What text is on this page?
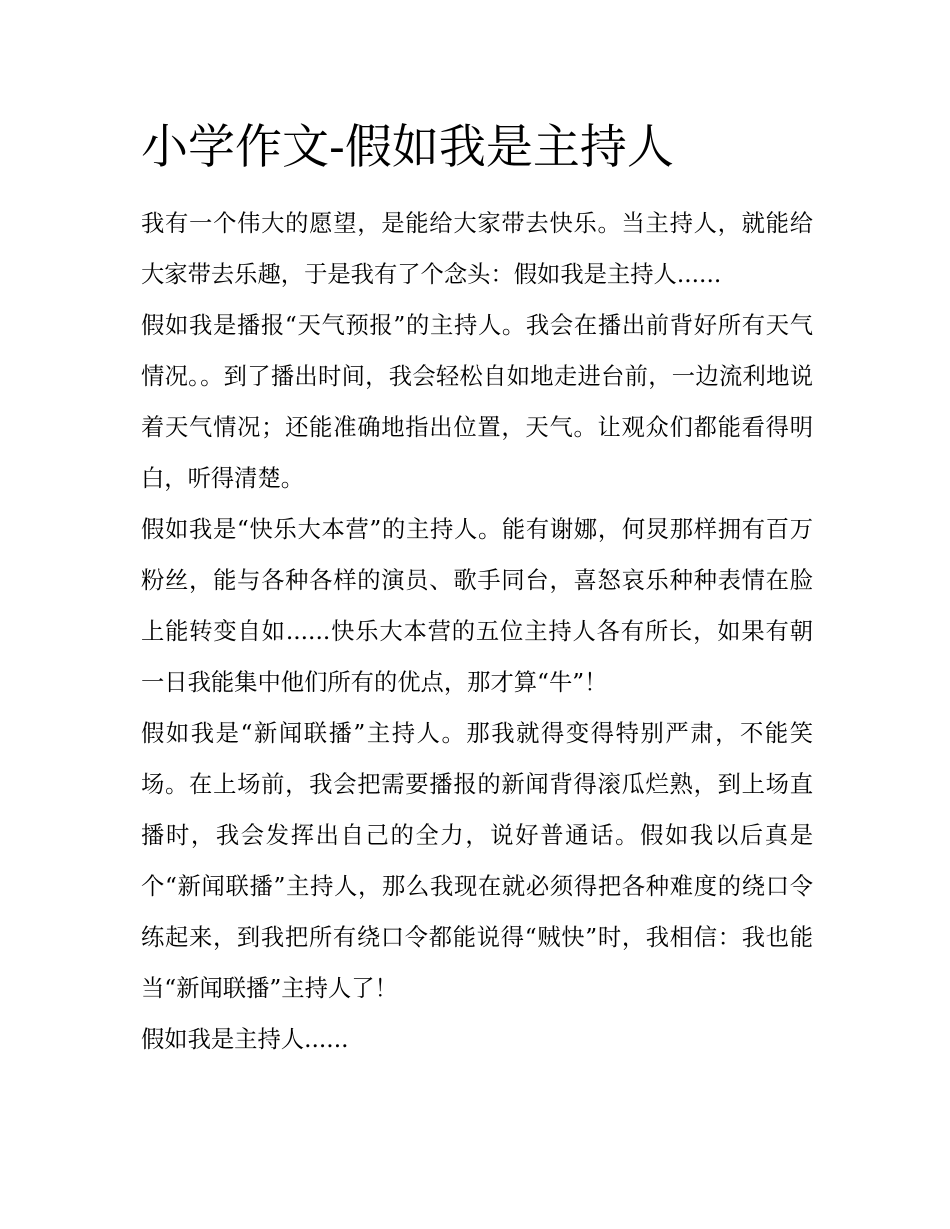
小学作文-假如我是主持人

我有一个伟大的愿望，是能给大家带去快乐。当主持人，就能给大家带去乐趣，于是我有了个念头：假如我是主持人......

假如我是播报“天气预报”的主持人。我会在播出前背好所有天气情况。。到了播出时间，我会轻松自如地走进台前，一边流利地说着天气情况；还能准确地指出位置，天气。让观众们都能看得明白，听得清楚。

假如我是“快乐大本营”的主持人。能有谢娜，何炅那样拥有百万粉丝，能与各种各样的演员、歌手同台，喜怒哀乐种种表情在脸上能转变自如......快乐大本营的五位主持人各有所长，如果有朝一日我能集中他们所有的优点，那才算“牛”！

假如我是“新闻联播”主持人。那我就得变得特别严肃，不能笑场。在上场前，我会把需要播报的新闻背得滚瓜烂熟，到上场直播时，我会发挥出自己的全力，说好普通话。假如我以后真是个“新闻联播”主持人，那么我现在就必须得把各种难度的绕口令练起来，到我把所有绕口令都能说得“贼快”时，我相信：我也能当“新闻联播”主持人了！

假如我是主持人......
